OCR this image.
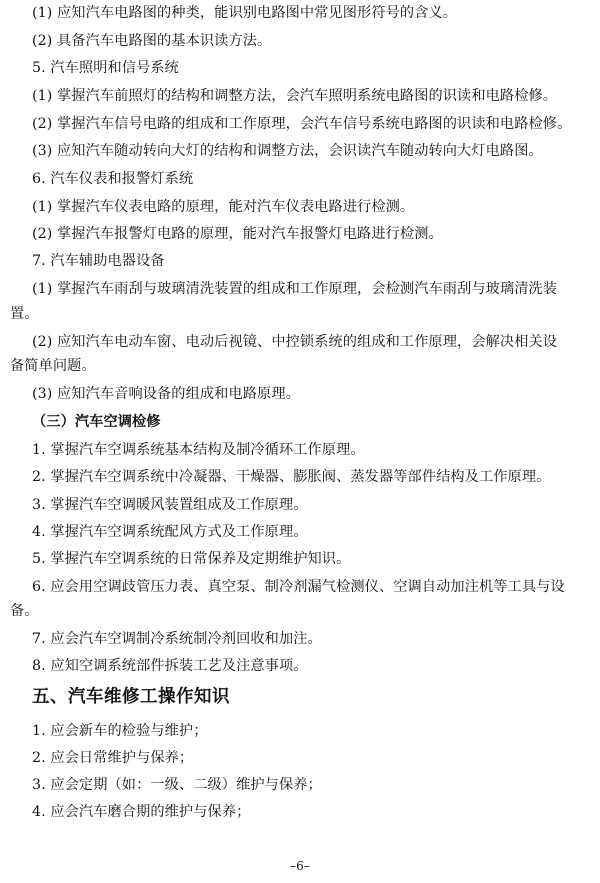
(1) 应知汽车电路图的种类，能识别电路图中常见图形符号的含义。
(2) 具备汽车电路图的基本识读方法。
5. 汽车照明和信号系统
(1) 掌握汽车前照灯的结构和调整方法，会汽车照明系统电路图的识读和电路检修。
(2) 掌握汽车信号电路的组成和工作原理，会汽车信号系统电路图的识读和电路检修。
(3) 应知汽车随动转向大灯的结构和调整方法，会识读汽车随动转向大灯电路图。
6. 汽车仪表和报警灯系统
(1) 掌握汽车仪表电路的原理，能对汽车仪表电路进行检测。
(2) 掌握汽车报警灯电路的原理，能对汽车报警灯电路进行检测。
7. 汽车辅助电器设备
(1) 掌握汽车雨刮与玻璃清洗装置的组成和工作原理，会检测汽车雨刮与玻璃清洗装
置。
(2) 应知汽车电动车窗、电动后视镜、中控锁系统的组成和工作原理，会解决相关设
备简单问题。
(3) 应知汽车音响设备的组成和电路原理。
（三）汽车空调检修
1. 掌握汽车空调系统基本结构及制冷循环工作原理。
2. 掌握汽车空调系统中冷凝器、干燥器、膨胀阀、蒸发器等部件结构及工作原理。
3. 掌握汽车空调暖风装置组成及工作原理。
4. 掌握汽车空调系统配风方式及工作原理。
5. 掌握汽车空调系统的日常保养及定期维护知识。
6. 应会用空调歧管压力表、真空泵、制冷剂漏气检测仪、空调自动加注机等工具与设
备。
7. 应会汽车空调制冷系统制冷剂回收和加注。
8. 应知空调系统部件拆装工艺及注意事项。
五、汽车维修工操作知识
1. 应会新车的检验与维护；
2. 应会日常维护与保养；
3. 应会定期（如：一级、二级）维护与保养；
4. 应会汽车磨合期的维护与保养；
–6–
